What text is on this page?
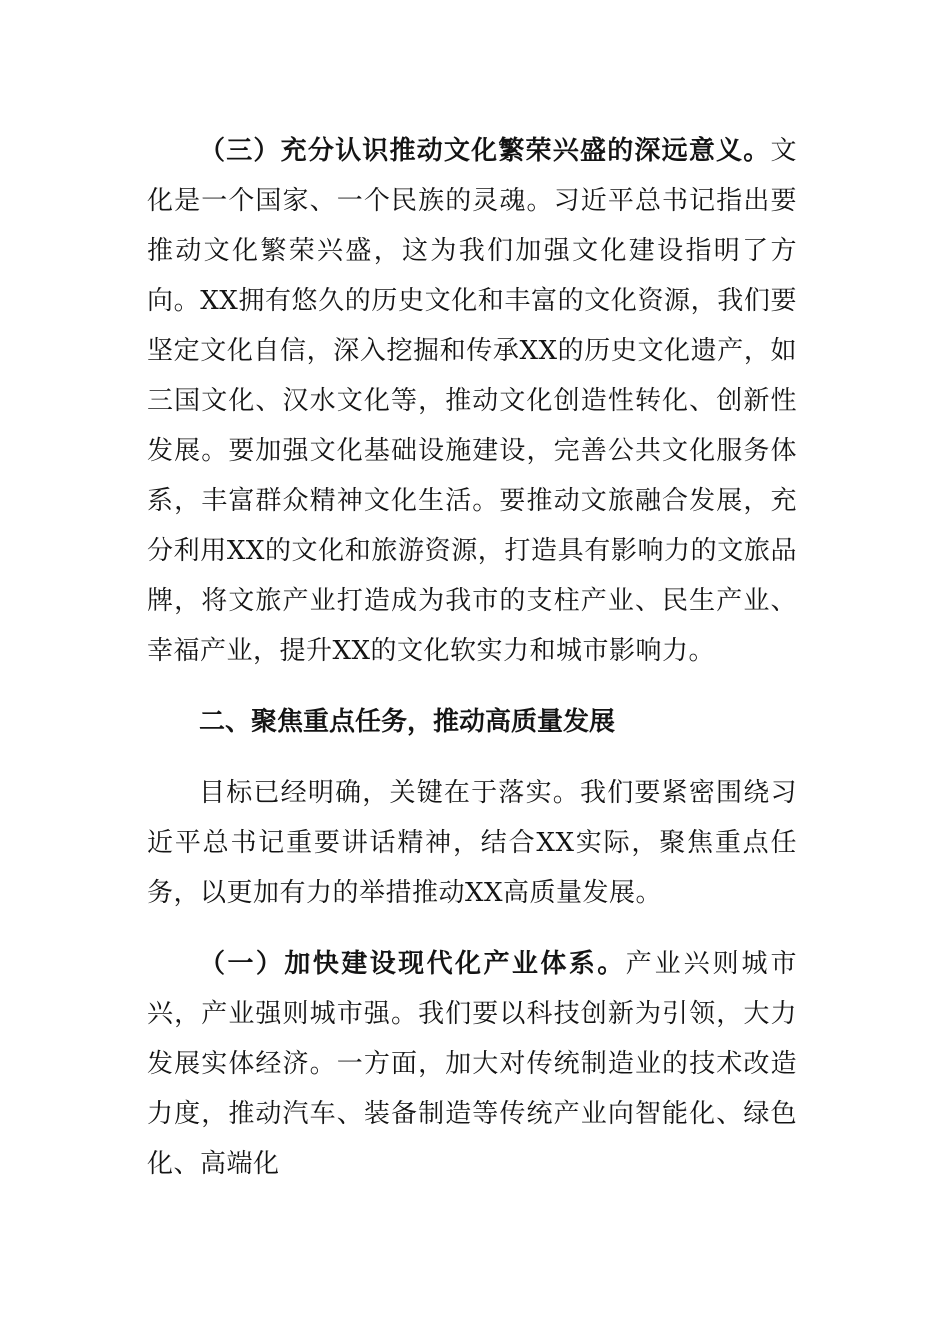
（三）充分认识推动文化繁荣兴盛的深远意义。文化是一个国家、一个民族的灵魂。习近平总书记指出要推动文化繁荣兴盛，这为我们加强文化建设指明了方向。XX拥有悠久的历史文化和丰富的文化资源，我们要坚定文化自信，深入挖掘和传承XX的历史文化遗产，如三国文化、汉水文化等，推动文化创造性转化、创新性发展。要加强文化基础设施建设，完善公共文化服务体系，丰富群众精神文化生活。要推动文旅融合发展，充分利用XX的文化和旅游资源，打造具有影响力的文旅品牌，将文旅产业打造成为我市的支柱产业、民生产业、幸福产业，提升XX的文化软实力和城市影响力。

二、聚焦重点任务，推动高质量发展

目标已经明确，关键在于落实。我们要紧密围绕习近平总书记重要讲话精神，结合XX实际，聚焦重点任务，以更加有力的举措推动XX高质量发展。

（一）加快建设现代化产业体系。产业兴则城市兴，产业强则城市强。我们要以科技创新为引领，大力发展实体经济。一方面，加大对传统制造业的技术改造力度，推动汽车、装备制造等传统产业向智能化、绿色化、高端化
